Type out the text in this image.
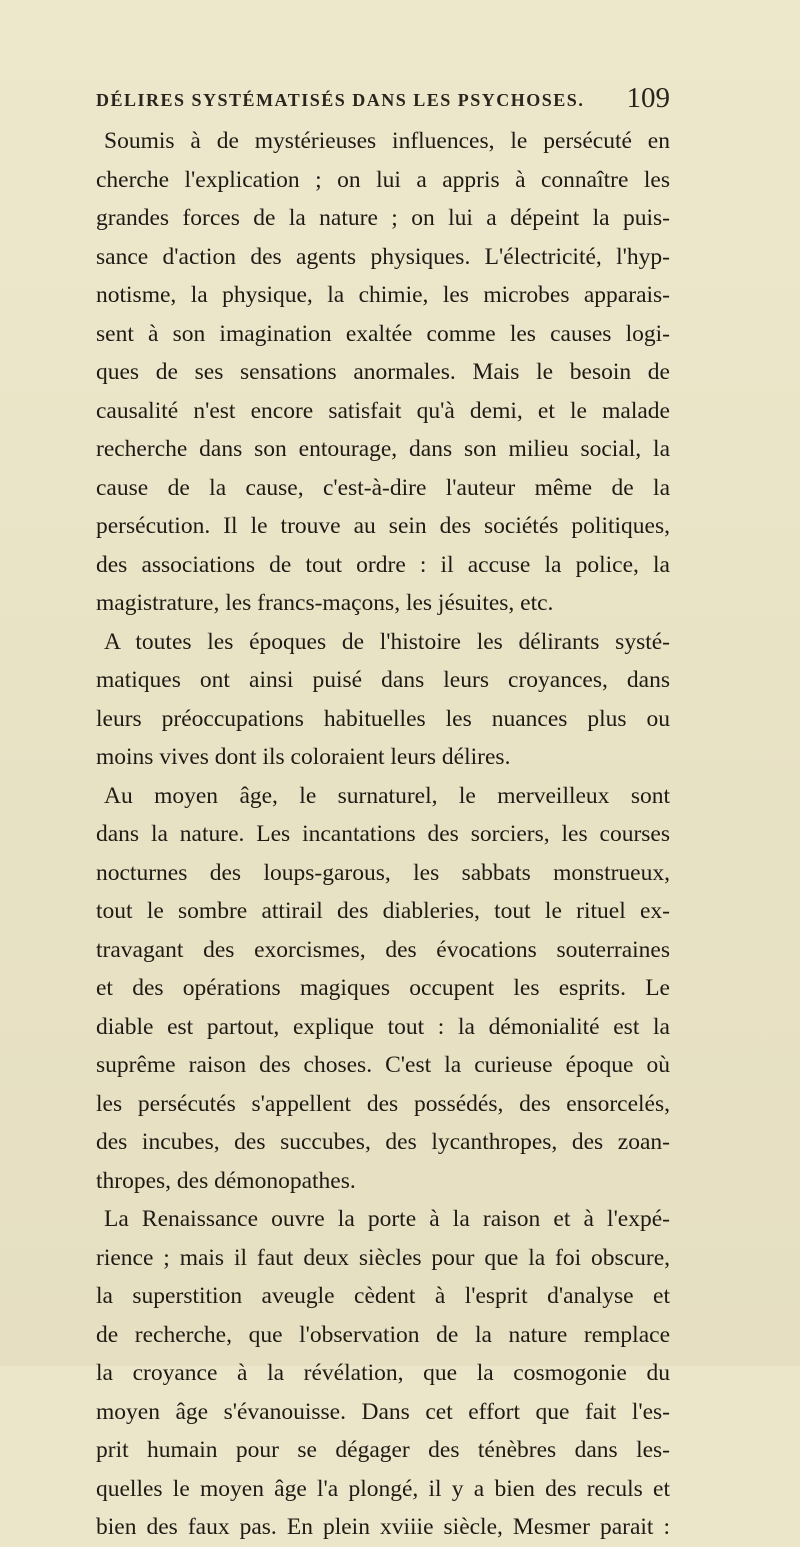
DÉLIRES SYSTÉMATISÉS DANS LES PSYCHOSES. 109
Soumis à de mystérieuses influences, le persécuté en
cherche l'explication ; on lui a appris à connaître les
grandes forces de la nature ; on lui a dépeint la puis-
sance d'action des agents physiques. L'électricité, l'hyp-
notisme, la physique, la chimie, les microbes apparais-
sent à son imagination exaltée comme les causes logi-
ques de ses sensations anormales. Mais le besoin de
causalité n'est encore satisfait qu'à demi, et le malade
recherche dans son entourage, dans son milieu social, la
cause de la cause, c'est-à-dire l'auteur même de la
persécution. Il le trouve au sein des sociétés politiques,
des associations de tout ordre : il accuse la police, la
magistrature, les francs-maçons, les jésuites, etc.
A toutes les époques de l'histoire les délirants systé-
matiques ont ainsi puisé dans leurs croyances, dans
leurs préoccupations habituelles les nuances plus ou
moins vives dont ils coloraient leurs délires.
Au moyen âge, le surnaturel, le merveilleux sont
dans la nature. Les incantations des sorciers, les courses
nocturnes des loups-garous, les sabbats monstrueux,
tout le sombre attirail des diableries, tout le rituel ex-
travagant des exorcismes, des évocations souterraines
et des opérations magiques occupent les esprits. Le
diable est partout, explique tout : la démonialité est la
suprême raison des choses. C'est la curieuse époque où
les persécutés s'appellent des possédés, des ensorcelés,
des incubes, des succubes, des lycanthropes, des zoan-
thropes, des démonopathes.
La Renaissance ouvre la porte à la raison et à l'expé-
rience ; mais il faut deux siècles pour que la foi obscure,
la superstition aveugle cèdent à l'esprit d'analyse et
de recherche, que l'observation de la nature remplace
la croyance à la révélation, que la cosmogonie du
moyen âge s'évanouisse. Dans cet effort que fait l'es-
prit humain pour se dégager des ténèbres dans les-
quelles le moyen âge l'a plongé, il y a bien des reculs et
bien des faux pas. En plein xviiie siècle, Mesmer parait :
